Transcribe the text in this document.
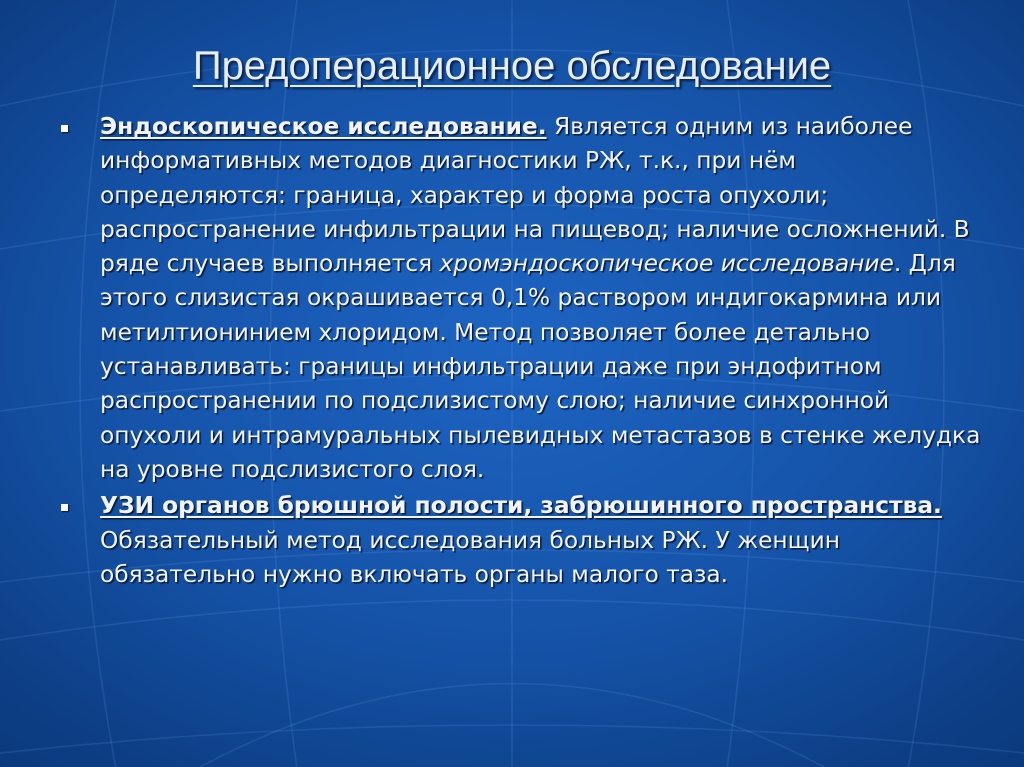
Предоперационное обследование
Эндоскопическое исследование. Является одним из наиболее информативных методов диагностики РЖ, т.к., при нём определяются: граница, характер и форма роста опухоли; распространение инфильтрации на пищевод; наличие осложнений. В ряде случаев выполняется хромэндоскопическое исследование. Для этого слизистая окрашивается 0,1% раствором индигокармина или метилтионинием хлоридом. Метод позволяет более детально устанавливать: границы инфильтрации даже при эндофитном распространении по подслизистому слою; наличие синхронной опухоли и интрамуральных пылевидных метастазов в стенке желудка на уровне подслизистого слоя.
УЗИ органов брюшной полости, забрюшинного пространства. Обязательный метод исследования больных РЖ. У женщин обязательно нужно включать органы малого таза.
